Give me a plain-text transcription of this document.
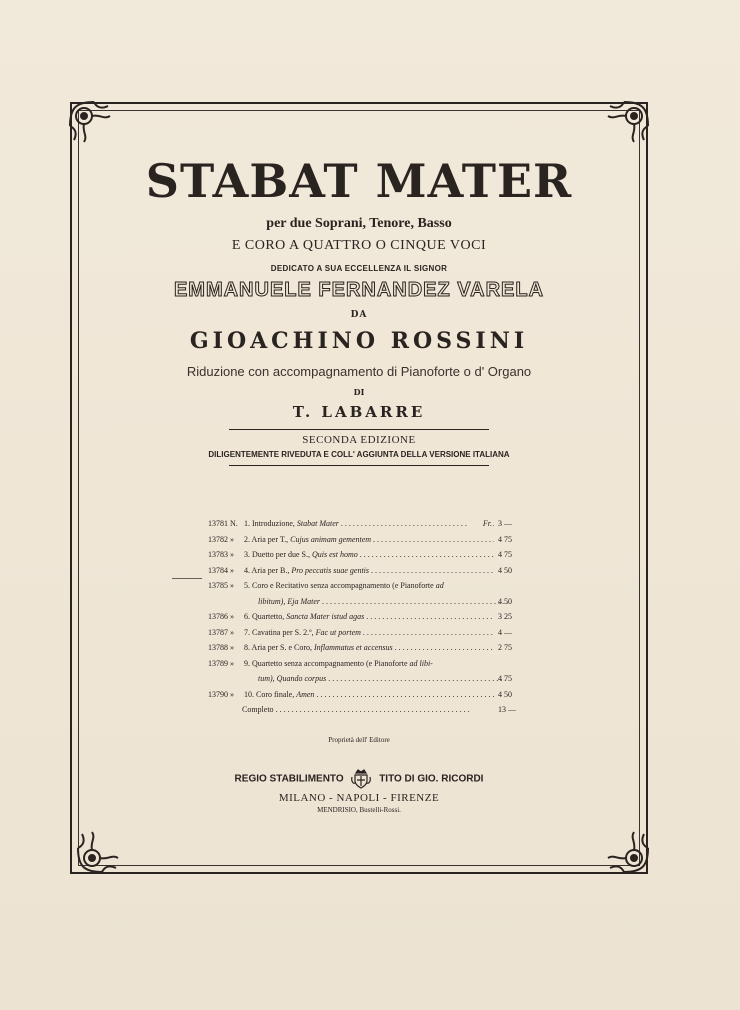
STABAT MATER
per due Soprani, Tenore, Basso
E CORO A QUATTRO O CINQUE VOCI
DEDICATO A SUA ECCELLENZA IL SIGNOR
EMMANUELE FERNANDEZ VARELA
DA
GIOACHINO ROSSINI
Riduzione con accompagnamento di Pianoforte o d' Organo
DI
T. LABARRE
SECONDA EDIZIONE
DILIGENTEMENTE RIVEDUTA E COLL' AGGIUNTA DELLA VERSIONE ITALIANA
13781 N. 1. Introduzione, Stabat Mater . . .	Fr. 3 —
13782 »	2. Aria per T., Cujus animam gementem . . .	4 75
13783 »	3. Duetto per due S., Quis est homo . . .	4 75
13784 »	4. Aria per B., Pro peccatis suae gentis . . .	4 50
13785 »	5. Coro e Recitativo senza accompagnamento (e Pianoforte ad
libitum), Eja Mater . . .	4 50
13786 »	6. Quartetto, Sancta Mater istud agas . . .	3 25
13787 »	7. Cavatina per S. 2.º, Fac ut portem . . .	4 —
13788 »	8. Aria per S. e Coro, Inflammatus et accensus . . .	2 75
13789 »	9. Quartetto senza accompagnamento (e Pianoforte ad libi-
tum), Quando corpus . . .	4 75
13790 »	10. Coro finale, Amen . . .	4 50
Completo . . .	13 —
Proprietà dell' Editore
REGIO STABILIMENTO	TITO DI GIO. RICORDI
MILANO - NAPOLI - FIRENZE
MENDRISIO, Bustelli-Rossi.
